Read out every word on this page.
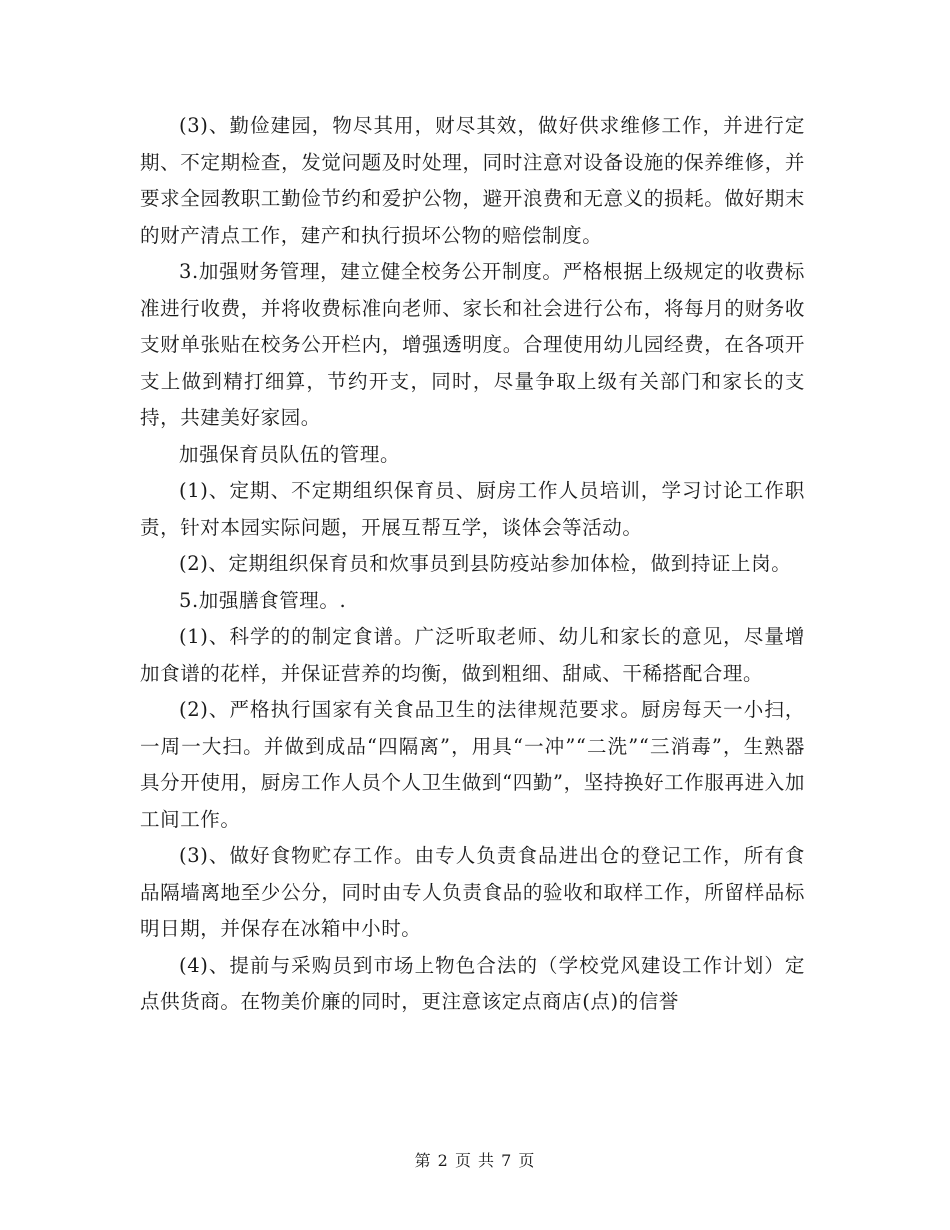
(3)、勤俭建园，物尽其用，财尽其效，做好供求维修工作，并进行定期、不定期检查，发觉问题及时处理，同时注意对设备设施的保养维修，并要求全园教职工勤俭节约和爱护公物，避开浪费和无意义的损耗。做好期末的财产清点工作，建产和执行损坏公物的赔偿制度。

3.加强财务管理，建立健全校务公开制度。严格根据上级规定的收费标准进行收费，并将收费标准向老师、家长和社会进行公布，将每月的财务收支财单张贴在校务公开栏内，增强透明度。合理使用幼儿园经费，在各项开支上做到精打细算，节约开支，同时，尽量争取上级有关部门和家长的支持，共建美好家园。

加强保育员队伍的管理。

(1)、定期、不定期组织保育员、厨房工作人员培训，学习讨论工作职责，针对本园实际问题，开展互帮互学，谈体会等活动。

(2)、定期组织保育员和炊事员到县防疫站参加体检，做到持证上岗。

5.加强膳食管理。.

(1)、科学的的制定食谱。广泛听取老师、幼儿和家长的意见，尽量增加食谱的花样，并保证营养的均衡，做到粗细、甜咸、干稀搭配合理。

(2)、严格执行国家有关食品卫生的法律规范要求。厨房每天一小扫，一周一大扫。并做到成品“四隔离”，用具“一冲”“二洗”“三消毒”，生熟器具分开使用，厨房工作人员个人卫生做到“四勤”，坚持换好工作服再进入加工间工作。

(3)、做好食物贮存工作。由专人负责食品进出仓的登记工作，所有食品隔墙离地至少公分，同时由专人负责食品的验收和取样工作，所留样品标明日期，并保存在冰箱中小时。

(4)、提前与采购员到市场上物色合法的（学校党风建设工作计划）定点供货商。在物美价廉的同时，更注意该定点商店(点)的信誉

第 2 页 共 7 页
